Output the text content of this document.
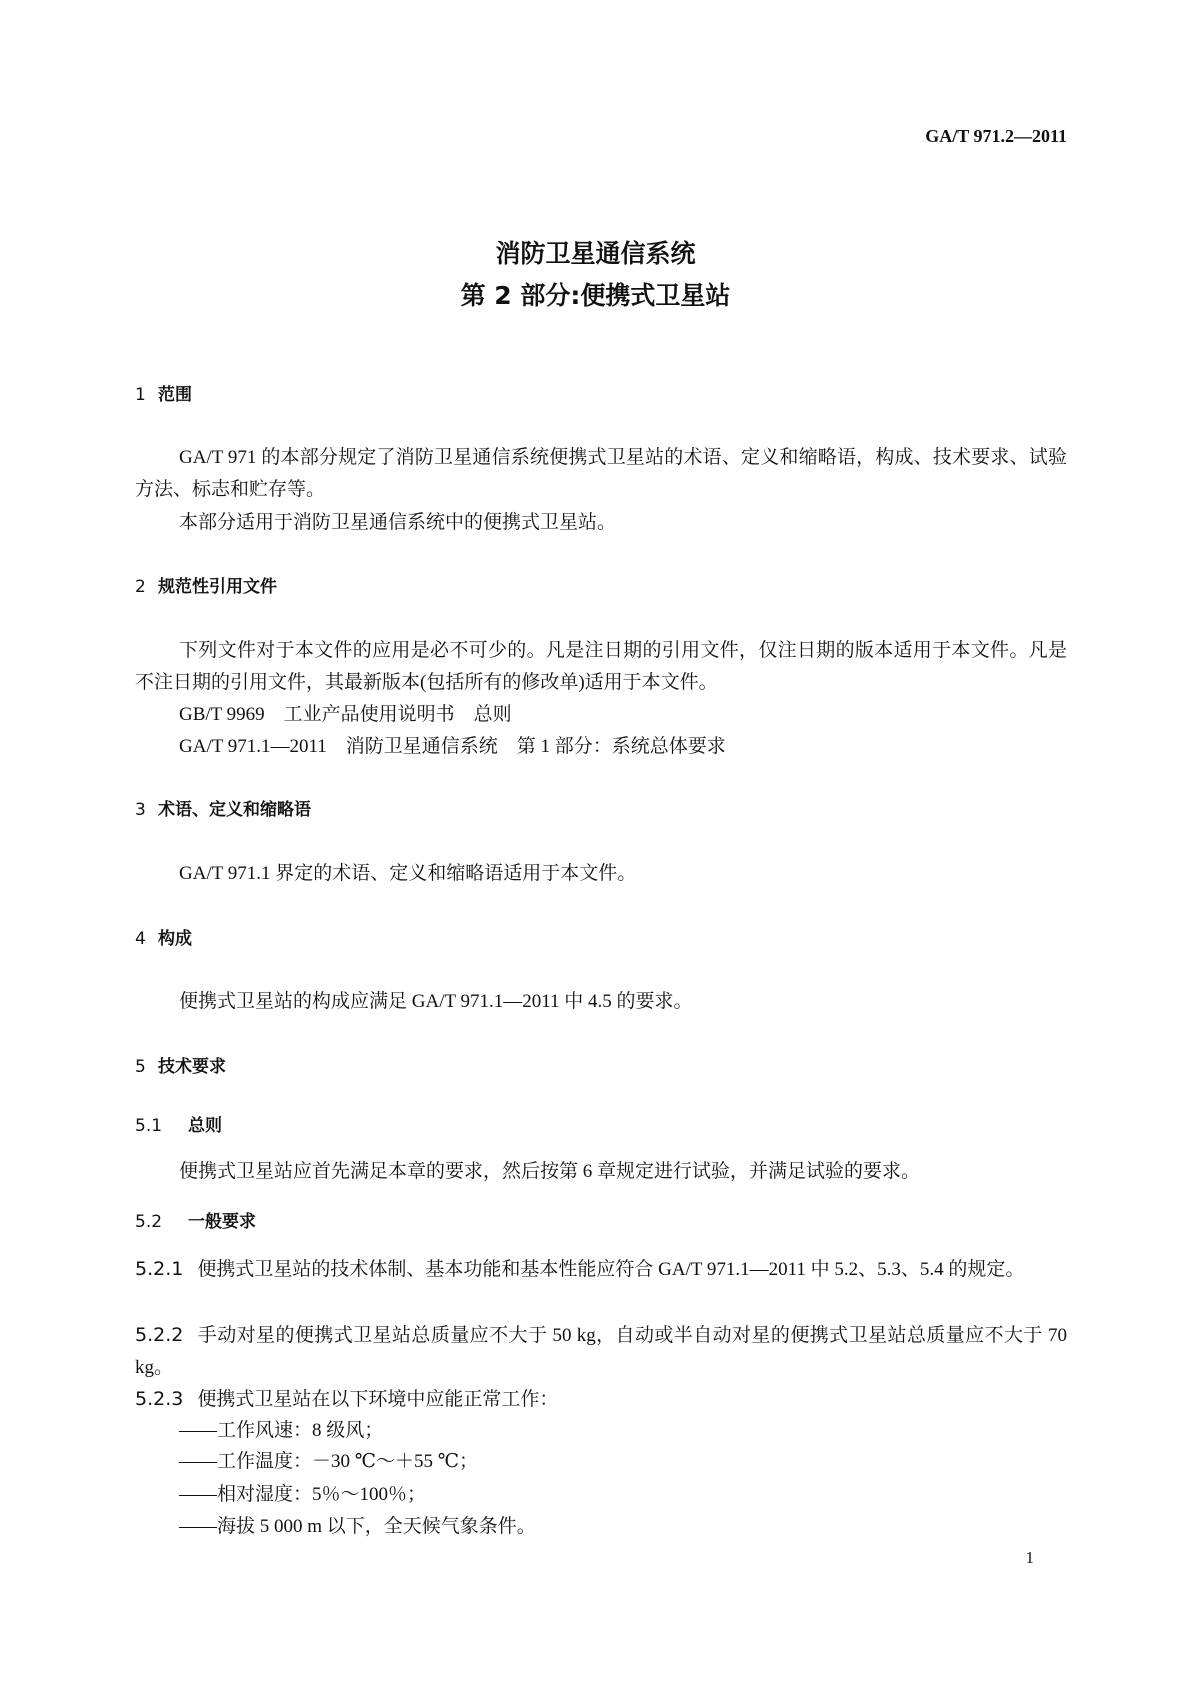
GA/T 971.2—2011
消防卫星通信系统
第 2 部分:便携式卫星站
1 范围
GA/T 971 的本部分规定了消防卫星通信系统便携式卫星站的术语、定义和缩略语，构成、技术要求、试验方法、标志和贮存等。
本部分适用于消防卫星通信系统中的便携式卫星站。
2 规范性引用文件
下列文件对于本文件的应用是必不可少的。凡是注日期的引用文件，仅注日期的版本适用于本文件。凡是不注日期的引用文件，其最新版本(包括所有的修改单)适用于本文件。
GB/T 9969　工业产品使用说明书　总则
GA/T 971.1—2011　消防卫星通信系统　第 1 部分：系统总体要求
3 术语、定义和缩略语
GA/T 971.1 界定的术语、定义和缩略语适用于本文件。
4 构成
便携式卫星站的构成应满足 GA/T 971.1—2011 中 4.5 的要求。
5 技术要求
5.1 总则
便携式卫星站应首先满足本章的要求，然后按第 6 章规定进行试验，并满足试验的要求。
5.2 一般要求
5.2.1 便携式卫星站的技术体制、基本功能和基本性能应符合 GA/T 971.1—2011 中 5.2、5.3、5.4 的规定。
5.2.2 手动对星的便携式卫星站总质量应不大于 50 kg，自动或半自动对星的便携式卫星站总质量应不大于 70 kg。
5.2.3 便携式卫星站在以下环境中应能正常工作：
——工作风速：8 级风；
——工作温度：－30 ℃～＋55 ℃；
——相对湿度：5％～100％；
——海拔 5 000 m 以下，全天候气象条件。
1
